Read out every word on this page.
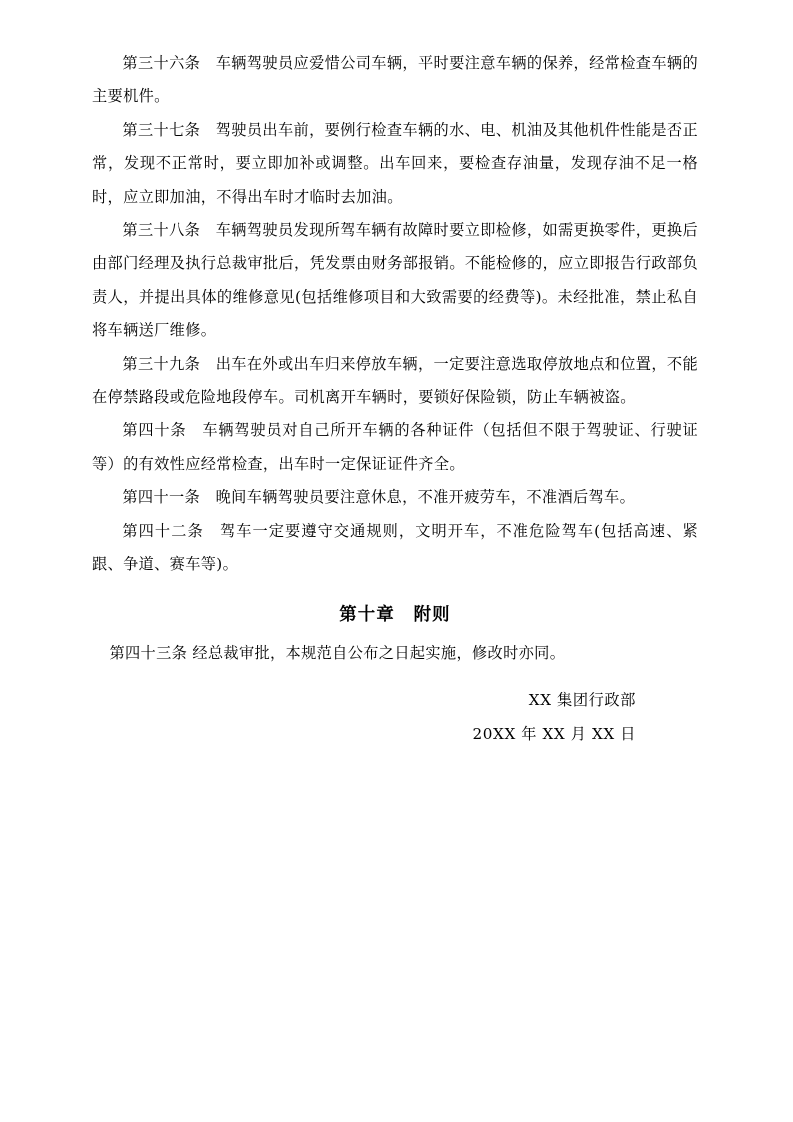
第三十六条　车辆驾驶员应爱惜公司车辆，平时要注意车辆的保养，经常检查车辆的主要机件。

第三十七条　驾驶员出车前，要例行检查车辆的水、电、机油及其他机件性能是否正常，发现不正常时，要立即加补或调整。出车回来，要检查存油量，发现存油不足一格时，应立即加油，不得出车时才临时去加油。

第三十八条　车辆驾驶员发现所驾车辆有故障时要立即检修，如需更换零件，更换后由部门经理及执行总裁审批后，凭发票由财务部报销。不能检修的，应立即报告行政部负责人，并提出具体的维修意见(包括维修项目和大致需要的经费等)。未经批准，禁止私自将车辆送厂维修。

第三十九条　出车在外或出车归来停放车辆，一定要注意选取停放地点和位置，不能在停禁路段或危险地段停车。司机离开车辆时，要锁好保险锁，防止车辆被盗。

第四十条　车辆驾驶员对自己所开车辆的各种证件（包括但不限于驾驶证、行驶证等）的有效性应经常检查，出车时一定保证证件齐全。

第四十一条　晚间车辆驾驶员要注意休息，不准开疲劳车，不准酒后驾车。

第四十二条　驾车一定要遵守交通规则，文明开车，不准危险驾车(包括高速、紧跟、争道、赛车等)。

第十章　附则

第四十三条 经总裁审批，本规范自公布之日起实施，修改时亦同。

XX 集团行政部

20XX 年 XX 月 XX 日
